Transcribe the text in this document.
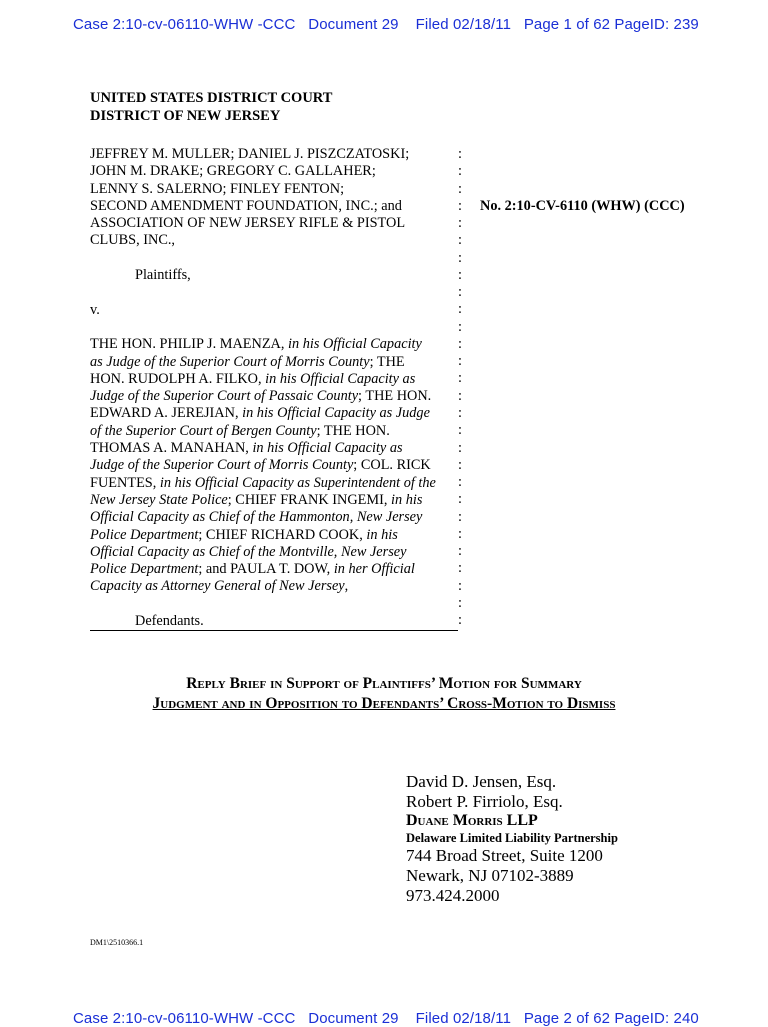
Case 2:10-cv-06110-WHW -CCC   Document 29    Filed 02/18/11   Page 1 of 62 PageID: 239
UNITED STATES DISTRICT COURT
DISTRICT OF NEW JERSEY
JEFFREY M. MULLER; DANIEL J. PISZCZATOSKI;
JOHN M. DRAKE; GREGORY C. GALLAHER;
LENNY S. SALERNO; FINLEY FENTON;
SECOND AMENDMENT FOUNDATION, INC.; and
ASSOCIATION OF NEW JERSEY RIFLE & PISTOL
CLUBS, INC.,
Plaintiffs,
v.
THE HON. PHILIP J. MAENZA, in his Official Capacity
as Judge of the Superior Court of Morris County; THE
HON. RUDOLPH A. FILKO, in his Official Capacity as
Judge of the Superior Court of Passaic County; THE HON.
EDWARD A. JEREJIAN, in his Official Capacity as Judge
of the Superior Court of Bergen County; THE HON.
THOMAS A. MANAHAN, in his Official Capacity as
Judge of the Superior Court of Morris County; COL. RICK
FUENTES, in his Official Capacity as Superintendent of the
New Jersey State Police; CHIEF FRANK INGEMI, in his
Official Capacity as Chief of the Hammonton, New Jersey
Police Department; CHIEF RICHARD COOK, in his
Official Capacity as Chief of the Montville, New Jersey
Police Department; and PAULA T. DOW, in her Official
Capacity as Attorney General of New Jersey,
Defendants.
:
:
:
:
:
:
:
:
:
:
:
:
:
:
:
:
:
:
:
:
:
:
:
:
:
:
:
:
No. 2:10-CV-6110 (WHW) (CCC)
Reply Brief in Support of Plaintiffs’ Motion for Summary
Judgment and in Opposition to Defendants’ Cross-Motion to Dismiss
David D. Jensen, Esq.
Robert P. Firriolo, Esq.
Duane Morris LLP
Delaware Limited Liability Partnership
744 Broad Street, Suite 1200
Newark, NJ 07102-3889
973.424.2000
DM1\2510366.1
Case 2:10-cv-06110-WHW -CCC   Document 29    Filed 02/18/11   Page 2 of 62 PageID: 240
